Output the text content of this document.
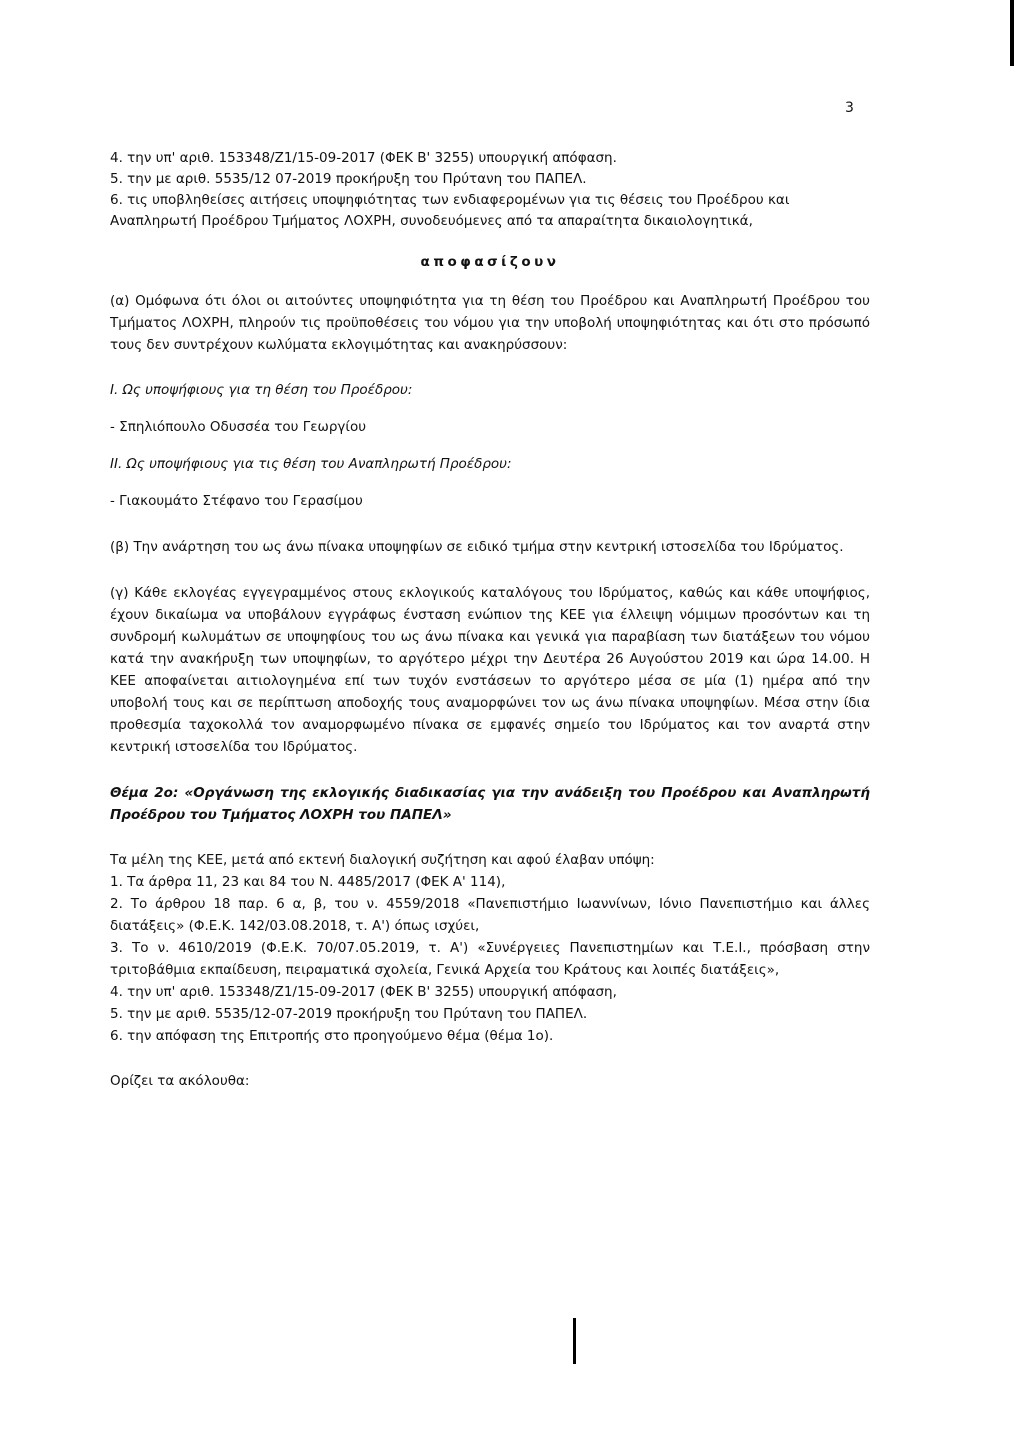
3
4. την υπ' αριθ. 153348/Ζ1/15-09-2017 (ΦΕΚ Β' 3255) υπουργική απόφαση.
5. την με αριθ. 5535/12 07-2019 προκήρυξη του Πρύτανη του ΠΑΠΕΛ.
6. τις υποβληθείσες αιτήσεις υποψηφιότητας των ενδιαφερομένων για τις θέσεις του Προέδρου και
Αναπληρωτή Προέδρου Τμήματος ΛΟΧΡΗ, συνοδευόμενες από τα απαραίτητα δικαιολογητικά,
αποφασίζουν
(α) Ομόφωνα ότι όλοι οι αιτούντες υποψηφιότητα για τη θέση του Προέδρου και Αναπληρωτή Προέδρου του Τμήματος ΛΟΧΡΗ, πληρούν τις προϋποθέσεις του νόμου για την υποβολή υποψηφιότητας και ότι στο πρόσωπό τους δεν συντρέχουν κωλύματα εκλογιμότητας και ανακηρύσσουν:
Ι. Ως υποψήφιους για τη θέση του Προέδρου:
- Σπηλιόπουλο Οδυσσέα του Γεωργίου
ΙΙ. Ως υποψήφιους για τις θέση του Αναπληρωτή Προέδρου:
- Γιακουμάτο Στέφανο του Γερασίμου
(β) Την ανάρτηση του ως άνω πίνακα υποψηφίων σε ειδικό τμήμα στην κεντρική ιστοσελίδα του Ιδρύματος.
(γ) Κάθε εκλογέας εγγεγραμμένος στους εκλογικούς καταλόγους του Ιδρύματος, καθώς και κάθε υποψήφιος, έχουν δικαίωμα να υποβάλουν εγγράφως ένσταση ενώπιον της ΚΕΕ για έλλειψη νόμιμων προσόντων και τη συνδρομή κωλυμάτων σε υποψηφίους του ως άνω πίνακα και γενικά για παραβίαση των διατάξεων του νόμου κατά την ανακήρυξη των υποψηφίων, το αργότερο μέχρι την Δευτέρα 26 Αυγούστου 2019 και ώρα 14.00. Η ΚΕΕ αποφαίνεται αιτιολογημένα επί των τυχόν ενστάσεων το αργότερο μέσα σε μία (1) ημέρα από την υποβολή τους και σε περίπτωση αποδοχής τους αναμορφώνει τον ως άνω πίνακα υποψηφίων. Μέσα στην ίδια προθεσμία ταχοκολλά τον αναμορφωμένο πίνακα σε εμφανές σημείο του Ιδρύματος και τον αναρτά στην κεντρική ιστοσελίδα του Ιδρύματος.
Θέμα 2ο: «Οργάνωση της εκλογικής διαδικασίας για την ανάδειξη του Προέδρου και Αναπληρωτή Προέδρου του Τμήματος ΛΟΧΡΗ του ΠΑΠΕΛ»
Τα μέλη της ΚΕΕ, μετά από εκτενή διαλογική συζήτηση και αφού έλαβαν υπόψη:
1. Τα άρθρα 11, 23 και 84 του Ν. 4485/2017 (ΦΕΚ Α' 114),
2. Το άρθρου 18 παρ. 6 α, β, του ν. 4559/2018 «Πανεπιστήμιο Ιωαννίνων, Ιόνιο Πανεπιστήμιο και άλλες διατάξεις» (Φ.Ε.Κ. 142/03.08.2018, τ. Α') όπως ισχύει,
3. Το ν. 4610/2019 (Φ.Ε.Κ. 70/07.05.2019, τ. Α') «Συνέργειες Πανεπιστημίων και Τ.Ε.Ι., πρόσβαση στην τριτοβάθμια εκπαίδευση, πειραματικά σχολεία, Γενικά Αρχεία του Κράτους και λοιπές διατάξεις»,
4. την υπ' αριθ. 153348/Ζ1/15-09-2017 (ΦΕΚ Β' 3255) υπουργική απόφαση,
5. την με αριθ. 5535/12-07-2019 προκήρυξη του Πρύτανη του ΠΑΠΕΛ.
6. την απόφαση της Επιτροπής στο προηγούμενο θέμα (θέμα 1ο).
Ορίζει τα ακόλουθα:
